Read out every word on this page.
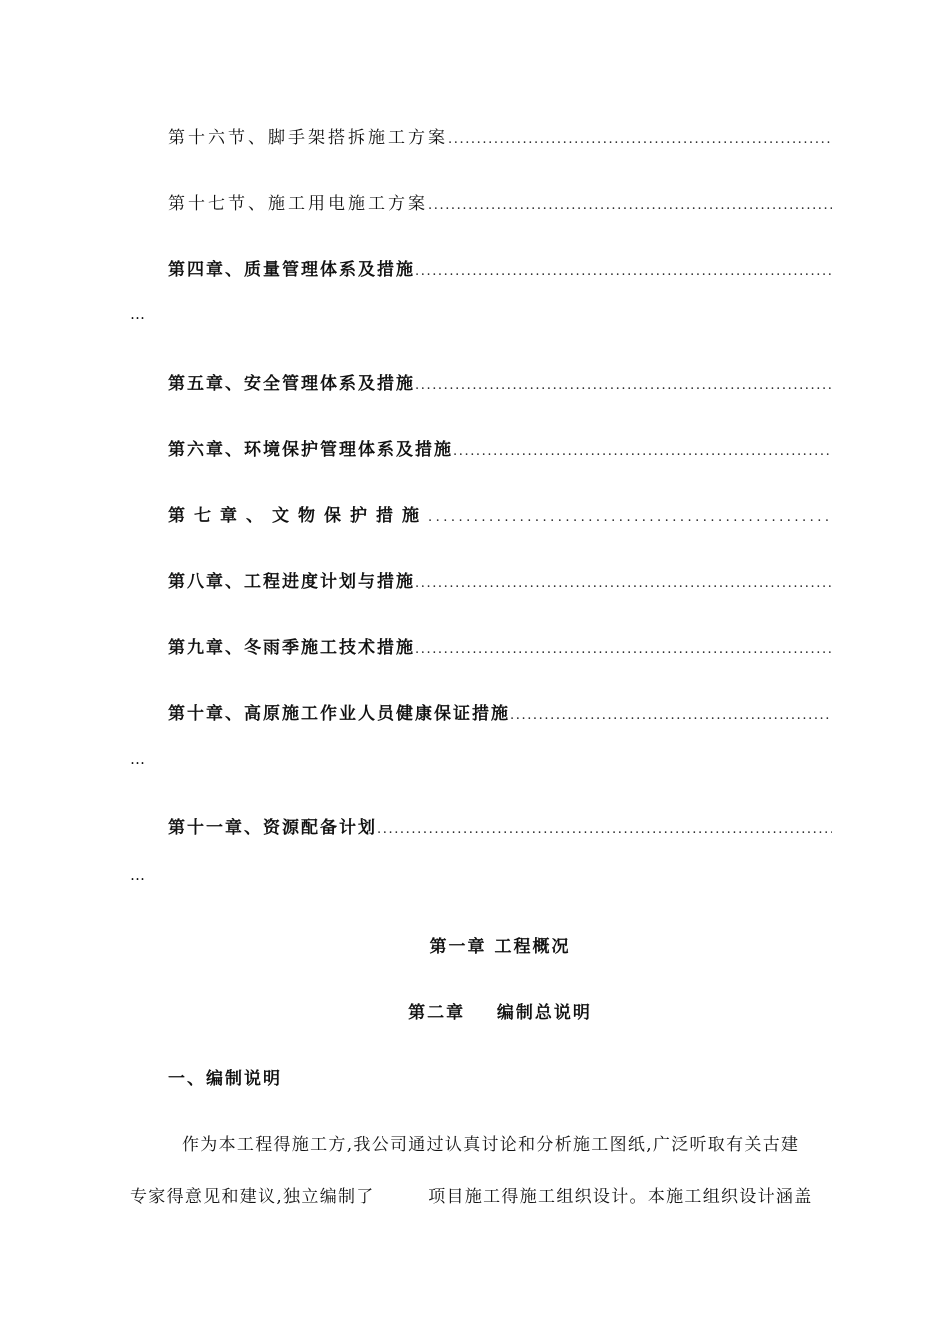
第十六节、脚手架搭拆施工方案
.....
第十七节、施工用电施工方案
.....
第四章、质量管理体系及措施
.....
…
第五章、安全管理体系及措施
.....
第六章、环境保护管理体系及措施
.....
第七章、文物保护措施
.....
第八章、工程进度计划与措施
.....
第九章、冬雨季施工技术措施
.....
第十章、高原施工作业人员健康保证措施
.....
…
第十一章、资源配备计划
.....
…
第一章 工程概况
第二章    编制总说明
一、编制说明
作为本工程得施工方,我公司通过认真讨论和分析施工图纸,广泛听取有关古建
专家得意见和建议,独立编制了        项目施工得施工组织设计。本施工组织设计涵盖
